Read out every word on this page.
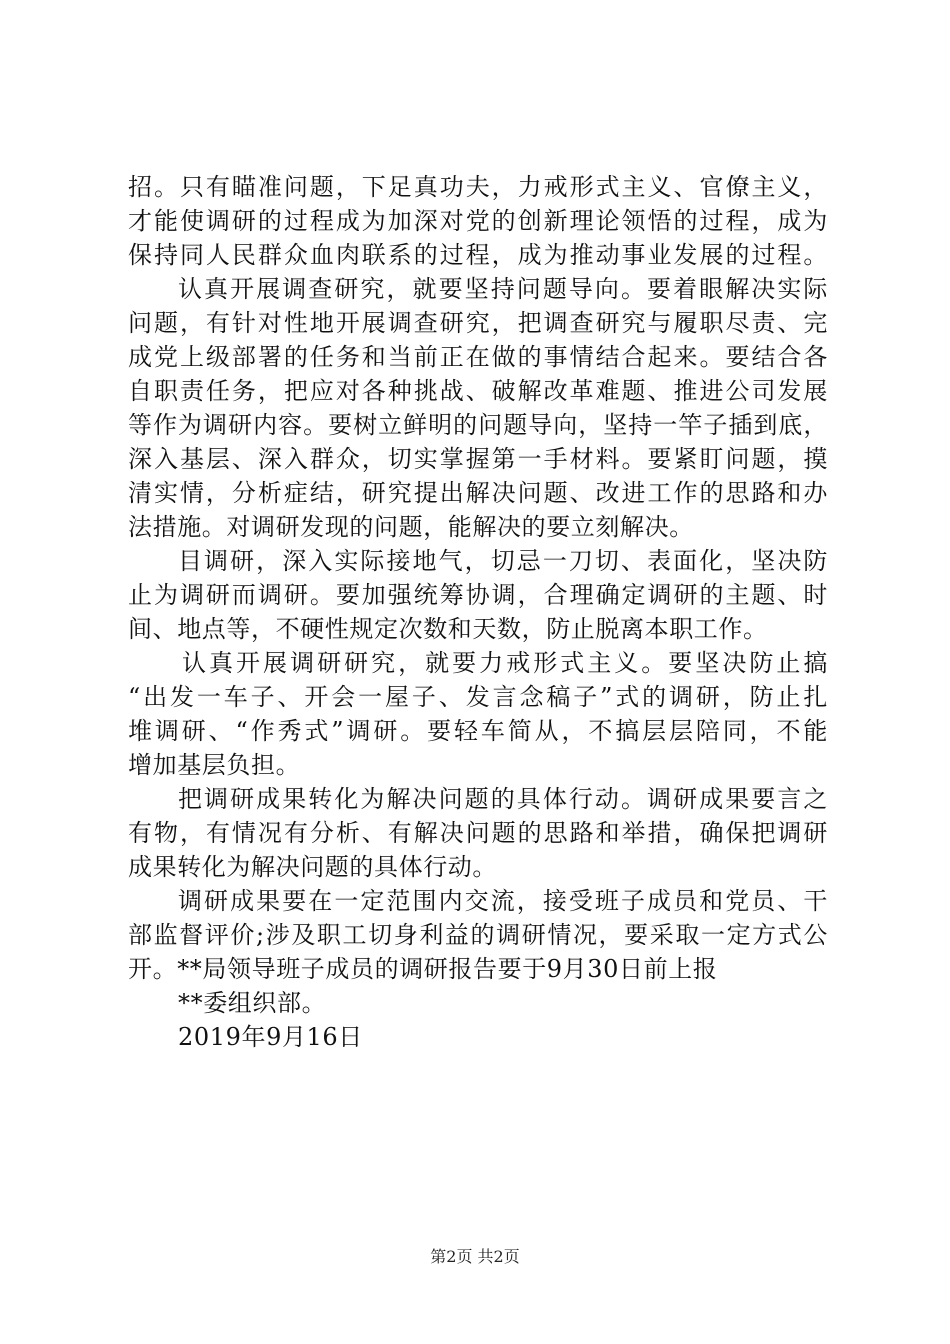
招。只有瞄准问题，下足真功夫，力戒形式主义、官僚主义，
才能使调研的过程成为加深对党的创新理论领悟的过程，成为
保持同人民群众血肉联系的过程，成为推动事业发展的过程。
认真开展调查研究，就要坚持问题导向。要着眼解决实际
问题，有针对性地开展调查研究，把调查研究与履职尽责、完
成党上级部署的任务和当前正在做的事情结合起来。要结合各
自职责任务，把应对各种挑战、破解改革难题、推进公司发展
等作为调研内容。要树立鲜明的问题导向，坚持一竿子插到底，
深入基层、深入群众，切实掌握第一手材料。要紧盯问题，摸
清实情，分析症结，研究提出解决问题、改进工作的思路和办
法措施。对调研发现的问题，能解决的要立刻解决。
目调研，深入实际接地气，切忌一刀切、表面化，坚决防
止为调研而调研。要加强统筹协调，合理确定调研的主题、时
间、地点等，不硬性规定次数和天数，防止脱离本职工作。
认真开展调研研究，就要力戒形式主义。要坚决防止搞
“出发一车子、开会一屋子、发言念稿子”式的调研，防止扎
堆调研、“作秀式”调研。要轻车简从，不搞层层陪同，不能
增加基层负担。
把调研成果转化为解决问题的具体行动。调研成果要言之
有物，有情况有分析、有解决问题的思路和举措，确保把调研
成果转化为解决问题的具体行动。
调研成果要在一定范围内交流，接受班子成员和党员、干
部监督评价;涉及职工切身利益的调研情况，要采取一定方式公
开。**局领导班子成员的调研报告要于9月30日前上报
**委组织部。
2019年9月16日
第2页 共2页
